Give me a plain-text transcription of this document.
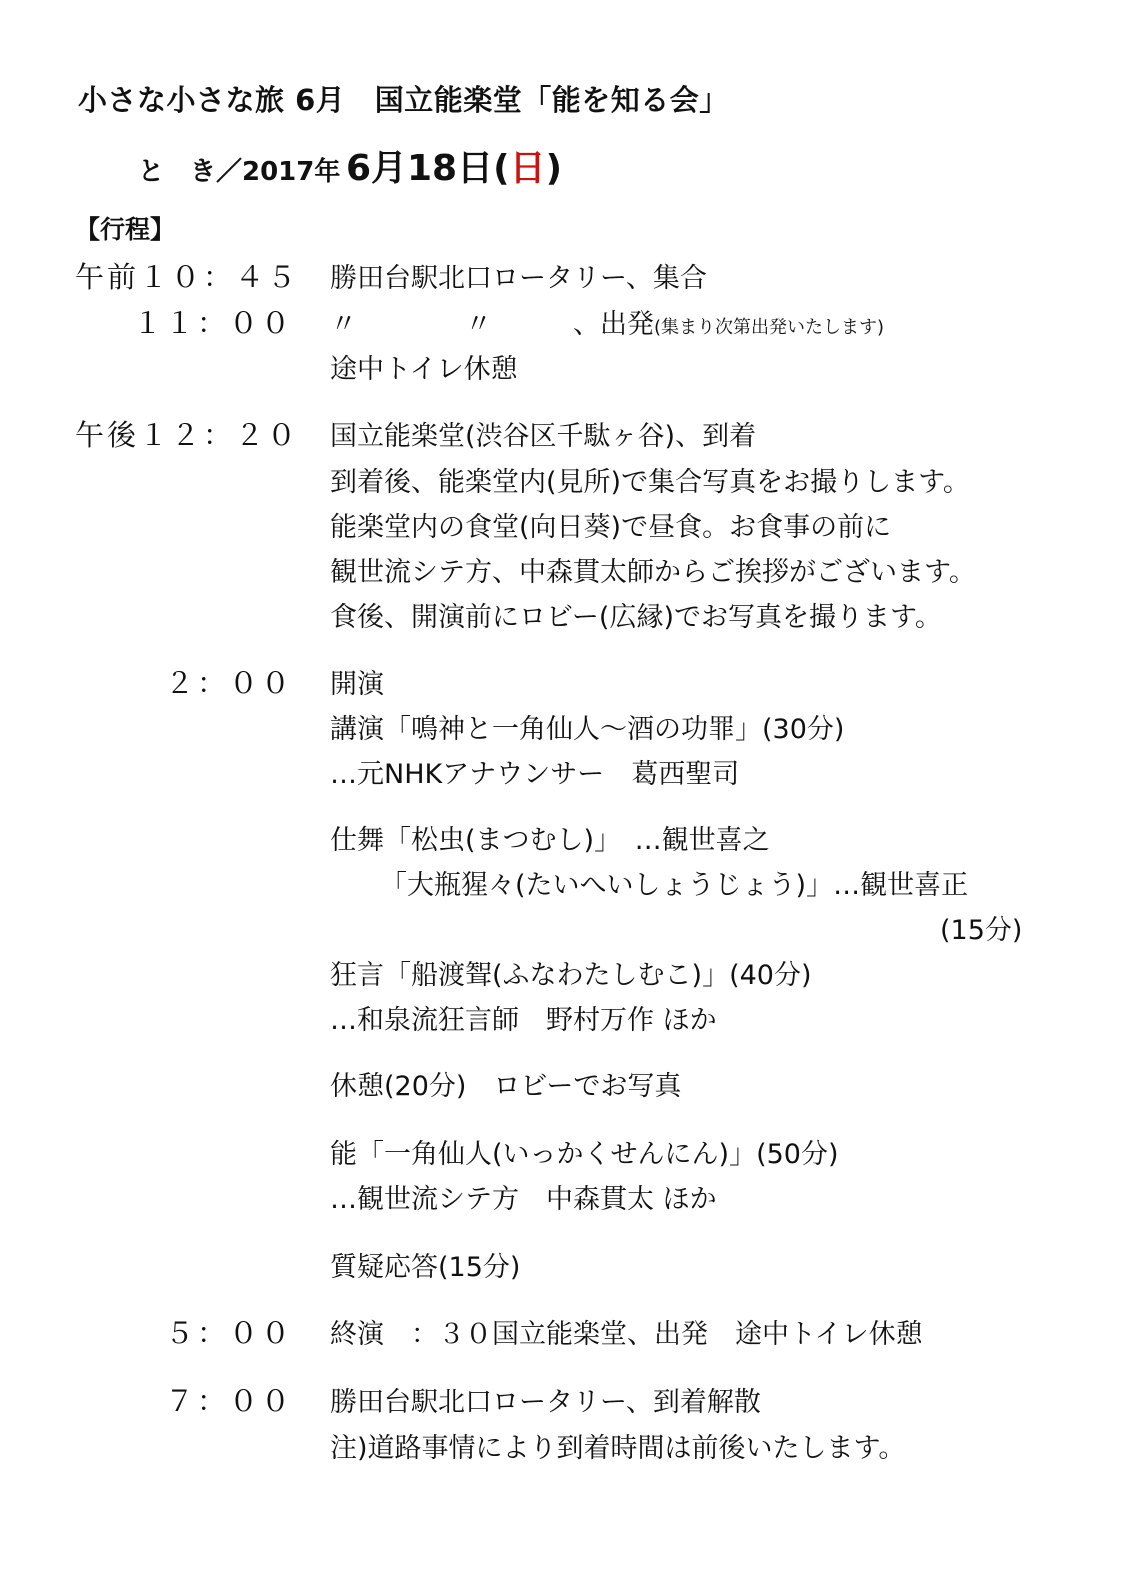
小さな小さな旅 6月　国立能楽堂「能を知る会」
と　き／2017年 6月18日(日)
【行程】
午前１０：４５ 勝田台駅北口ロータリー、集合
１１：００ 〃　　　　〃　　　、出発(集まり次第出発いたします)
途中トイレ休憩
午後１２：２０ 国立能楽堂(渋谷区千駄ヶ谷)、到着
到着後、能楽堂内(見所)で集合写真をお撮りします。
能楽堂内の食堂(向日葵)で昼食。お食事の前に
観世流シテ方、中森貫太師からご挨拶がございます。
食後、開演前にロビー(広縁)でお写真を撮ります。
２：００ 開演
講演「鳴神と一角仙人～酒の功罪」(30分)
…元NHKアナウンサー　葛西聖司
仕舞「松虫(まつむし)」　…観世喜之
「大瓶猩々(たいへいしょうじょう)」…観世喜正
(15分)
狂言「船渡聟(ふなわたしむこ)」(40分)
…和泉流狂言師　野村万作 ほか
休憩(20分)　ロビーでお写真
能「一角仙人(いっかくせんにん)」(50分)
…観世流シテ方　中森貫太 ほか
質疑応答(15分)
５：００ 終演　：３０国立能楽堂、出発　途中トイレ休憩
７：００ 勝田台駅北口ロータリー、到着解散
注)道路事情により到着時間は前後いたします。
